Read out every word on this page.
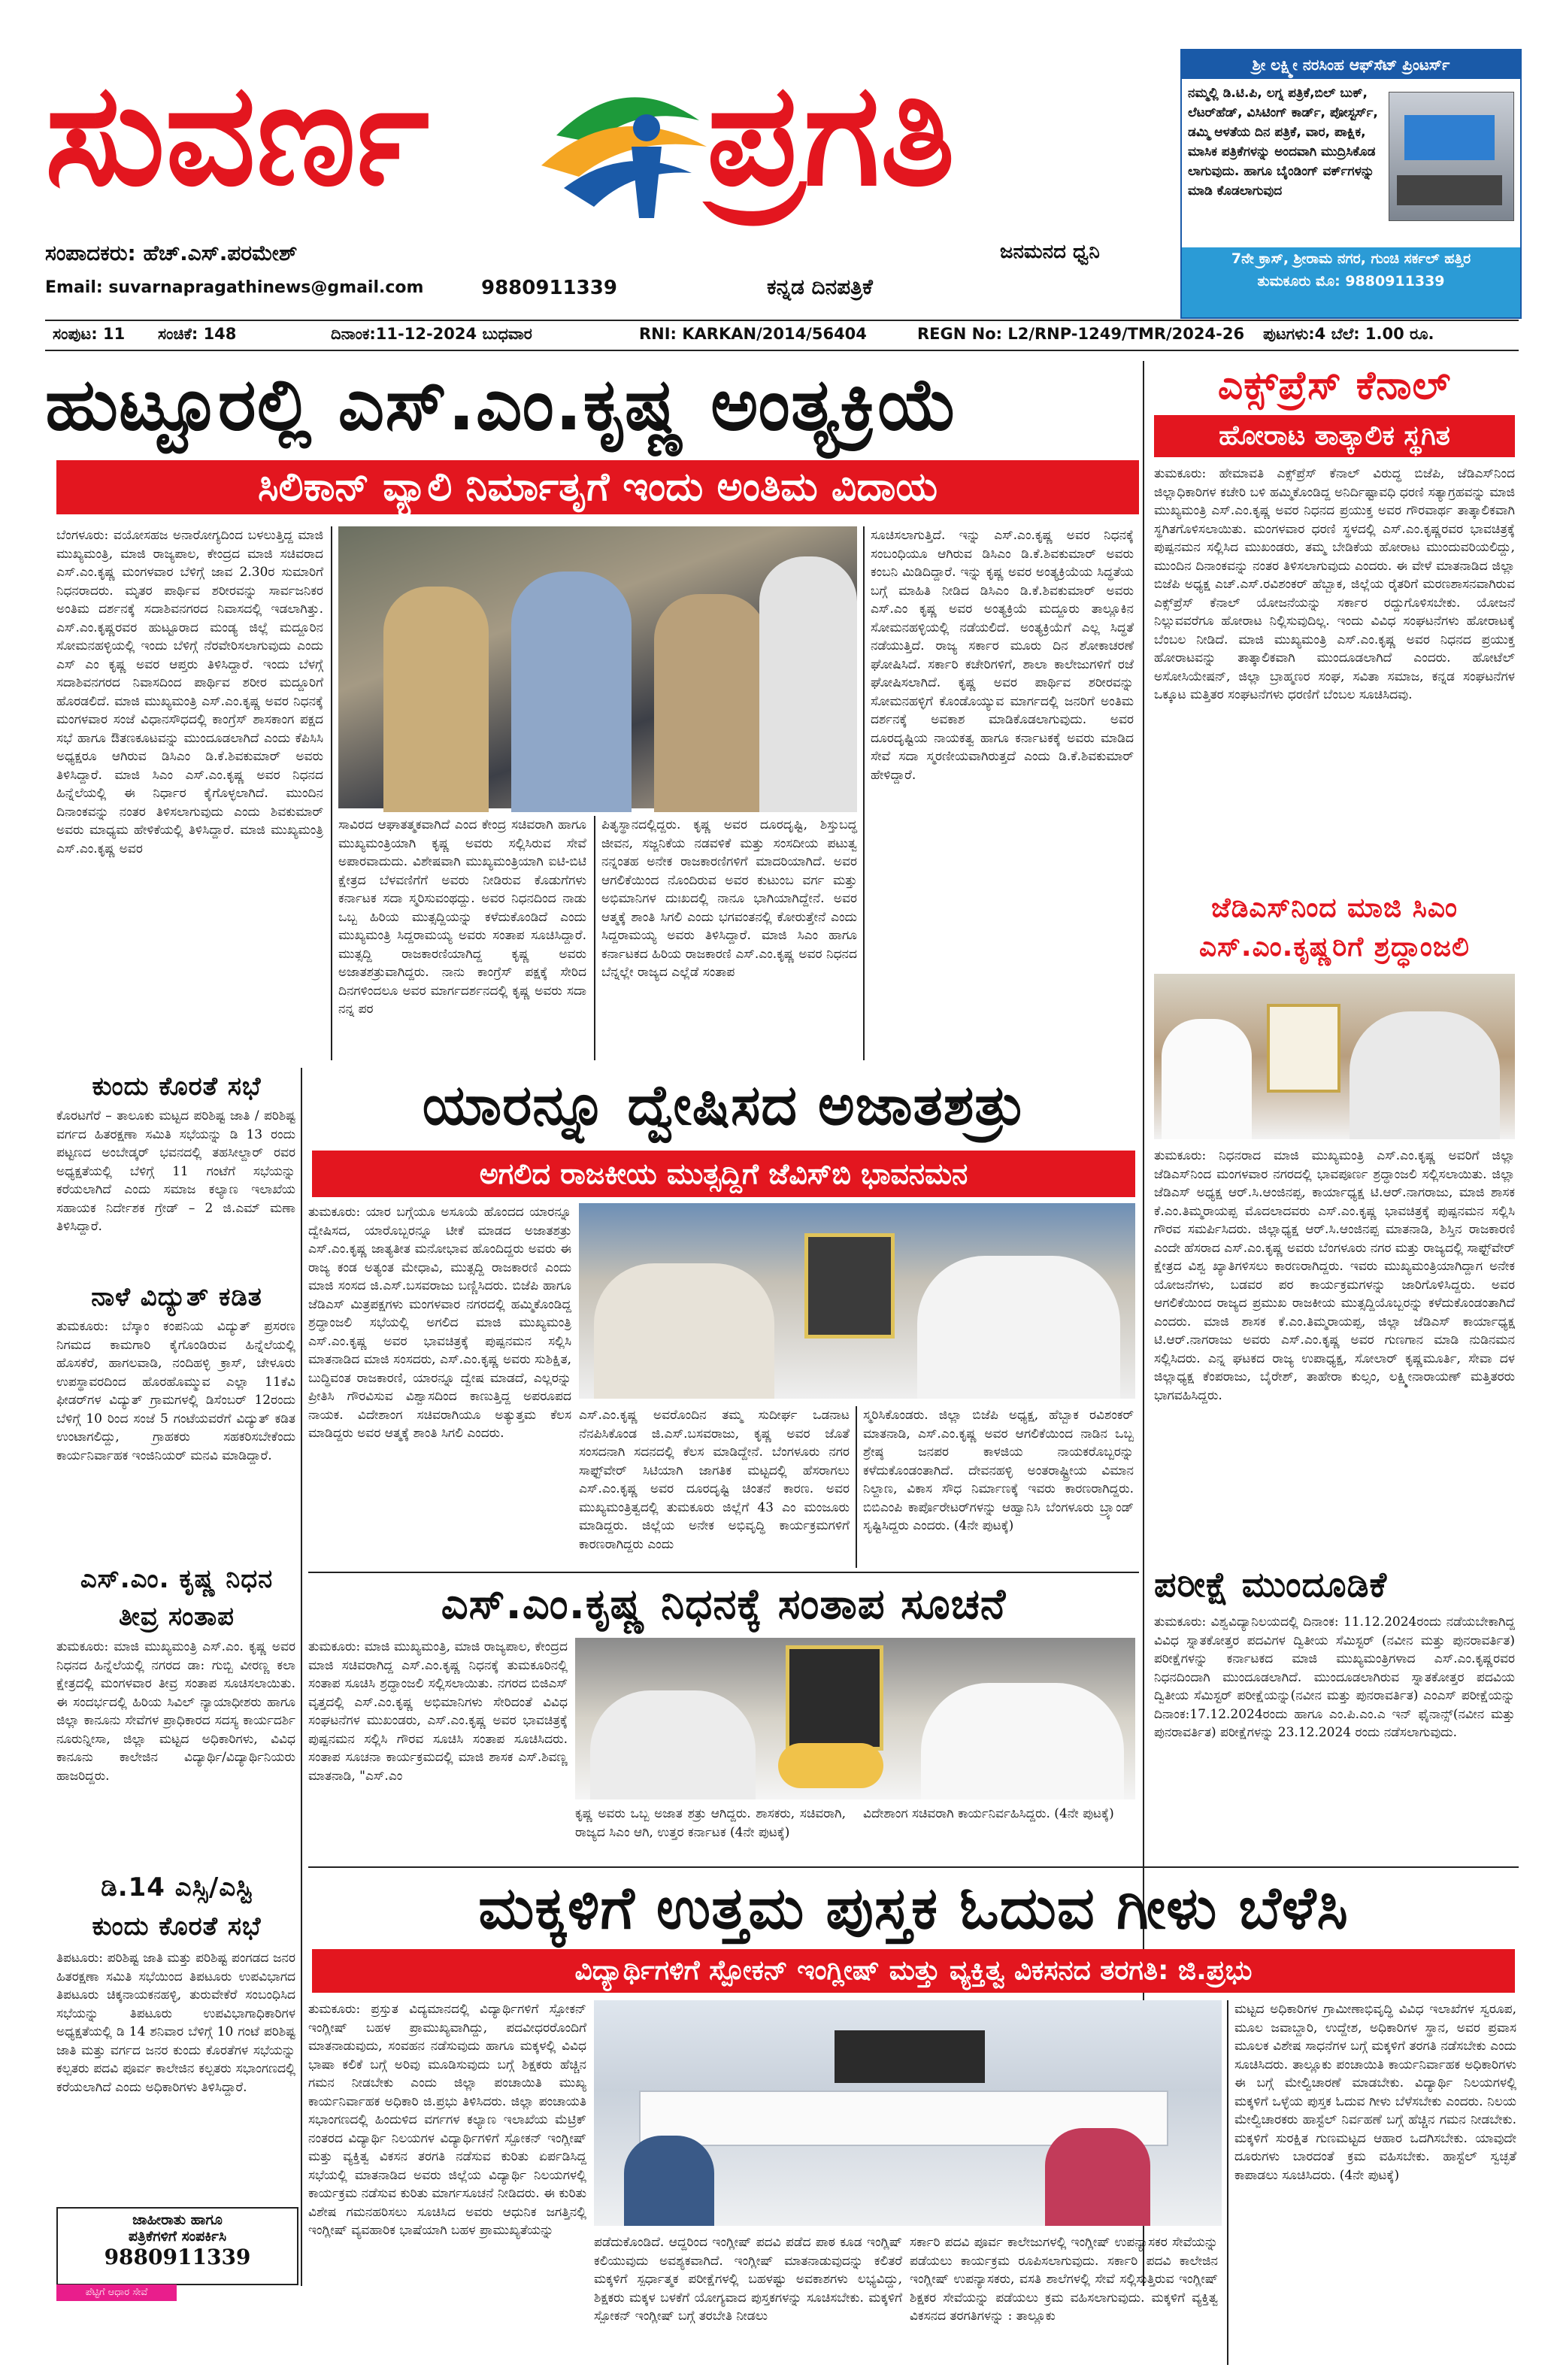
ಸುವರ್ಣ ಪ್ರಗತಿ
ಸಂಪಾದಕರು: ಹೆಚ್.ಎಸ್.ಪರಮೇಶ್
Email: suvarnapragathinews@gmail.com	9880911339	ಕನ್ನಡ ದಿನಪತ್ರಿಕೆ
ಜನಮನದ ಧ್ವನಿ
ಶ್ರೀ ಲಕ್ಷ್ಮೀ ನರಸಿಂಹ ಆಫ್‌ಸೆಟ್ ಪ್ರಿಂಟರ್ಸ್
ನಮ್ಮಲ್ಲಿ ಡಿ.ಟಿ.ಪಿ, ಲಗ್ನ ಪತ್ರಿಕೆ,ಬಿಲ್ ಬುಕ್, ಲೆಟರ್‌ಹೆಡ್, ವಿಸಿಟಿಂಗ್ ಕಾರ್ಡ್, ಪೋಸ್ಟರ್ಸ್, ಡಮ್ಮಿ ಆಳತೆಯ ದಿನ ಪತ್ರಿಕೆ, ವಾರ, ಪಾಕ್ಷಿಕ, ಮಾಸಿಕ ಪತ್ರಿಕೆಗಳನ್ನು ಅಂದವಾಗಿ ಮುದ್ರಿಸಿಕೊಡ ಲಾಗುವುದು. ಹಾಗೂ ಬೈಂಡಿಂಗ್ ವರ್ಕ್‌ಗಳನ್ನು ಮಾಡಿ ಕೊಡಲಾಗುವುದ
7ನೇ ಕ್ರಾಸ್, ಶ್ರೀರಾಮ ನಗರ, ಗುಂಚಿ ಸರ್ಕಲ್ ಹತ್ತಿರ ತುಮಕೂರು ಮೊ: 9880911339
ಸಂಪುಟ: 11 ಸಂಚಿಕೆ: 148	ದಿನಾಂಕ:11-12-2024 ಬುಧವಾರ	RNI: KARKAN/2014/56404	REGN No: L2/RNP-1249/TMR/2024-26 ಪುಟಗಳು:4 ಬೆಲೆ: 1.00 ರೂ.
ಹುಟ್ಟೂರಲ್ಲಿ ಎಸ್.ಎಂ.ಕೃಷ್ಣ ಅಂತ್ಯಕ್ರಿಯೆ
ಸಿಲಿಕಾನ್ ವ್ಯಾಲಿ ನಿರ್ಮಾತೃಗೆ ಇಂದು ಅಂತಿಮ ವಿದಾಯ
ಬೆಂಗಳೂರು: ವಯೋಸಹಜ ಅನಾರೋಗ್ಯದಿಂದ ಬಳಲುತ್ತಿದ್ದ ಮಾಜಿ ಮುಖ್ಯಮಂತ್ರಿ, ಮಾಜಿ ರಾಜ್ಯಪಾಲ, ಕೇಂದ್ರದ ಮಾಜಿ ಸಚಿವರಾದ ಎಸ್.ಎಂ.ಕೃಷ್ಣ ಮಂಗಳವಾರ ಬೆಳಿಗ್ಗೆ ಜಾವ 2.30ರ ಸುಮಾರಿಗೆ ನಿಧನರಾದರು. ಮೃತರ ಪಾರ್ಥಿವ ಶರೀರವನ್ನು ಸಾರ್ವಜನಿಕರ ಅಂತಿಮ ದರ್ಶನಕ್ಕೆ ಸದಾಶಿವನಗರದ ನಿವಾಸದಲ್ಲಿ ಇಡಲಾಗಿತ್ತು. ಎಸ್.ಎಂ.ಕೃಷ್ಣರವರ ಹುಟ್ಟೂರಾದ ಮಂಡ್ಯ ಜಿಲ್ಲೆ ಮದ್ದೂರಿನ ಸೋಮನಹಳ್ಳಿಯಲ್ಲಿ ಇಂದು ಬೆಳಿಗ್ಗೆ ನೆರವೇರಿಸಲಾಗುವುದು ಎಂದು ಎಸ್ ಎಂ ಕೃಷ್ಣ ಅವರ ಆಪ್ತರು ತಿಳಿಸಿದ್ದಾರೆ. ಇಂದು ಬೆಳಗ್ಗೆ ಸದಾಶಿವನಗರದ ನಿವಾಸದಿಂದ ಪಾರ್ಥಿವ ಶರೀರ ಮದ್ದೂರಿಗೆ ಹೊರಡಲಿದೆ. ಮಾಜಿ ಮುಖ್ಯಮಂತ್ರಿ ಎಸ್.ಎಂ.ಕೃಷ್ಣ ಅವರ ನಿಧನಕ್ಕೆ ಮಂಗಳವಾರ ಸಂಜೆ ವಿಧಾನಸೌಧದಲ್ಲಿ ಕಾಂಗ್ರೆಸ್ ಶಾಸಕಾಂಗ ಪಕ್ಷದ ಸಭೆ ಹಾಗೂ ಔತಣಕೂಟವನ್ನು ಮುಂದೂಡಲಾಗಿದೆ ಎಂದು ಕೆಪಿಸಿಸಿ ಅಧ್ಯಕ್ಷರೂ ಆಗಿರುವ ಡಿಸಿಎಂ ಡಿ.ಕೆ.ಶಿವಕುಮಾರ್ ಅವರು ತಿಳಿಸಿದ್ದಾರೆ. ಮಾಜಿ ಸಿಎಂ ಎಸ್.ಎಂ.ಕೃಷ್ಣ ಅವರ ನಿಧನದ ಹಿನ್ನೆಲೆಯಲ್ಲಿ ಈ ನಿರ್ಧಾರ ಕೈಗೊಳ್ಳಲಾಗಿದೆ. ಮುಂದಿನ ದಿನಾಂಕವನ್ನು ನಂತರ ತಿಳಿಸಲಾಗುವುದು ಎಂದು ಶಿವಕುಮಾರ್ ಅವರು ಮಾಧ್ಯಮ ಹೇಳಿಕೆಯಲ್ಲಿ ತಿಳಿಸಿದ್ದಾರೆ. ಮಾಜಿ ಮುಖ್ಯಮಂತ್ರಿ ಎಸ್.ಎಂ.ಕೃಷ್ಣ ಅವರ
ಸಾವಿರದ ಆಘಾತತ್ಮಕವಾಗಿದೆ ಎಂದ ಕೇಂದ್ರ ಸಚಿವರಾಗಿ ಹಾಗೂ ಮುಖ್ಯಮಂತ್ರಿಯಾಗಿ ಕೃಷ್ಣ ಅವರು ಸಲ್ಲಿಸಿರುವ ಸೇವೆ ಅಪಾರವಾದುದು. ವಿಶೇಷವಾಗಿ ಮುಖ್ಯಮಂತ್ರಿಯಾಗಿ ಐಟಿ-ಬಿಟಿ ಕ್ಷೇತ್ರದ ಬೆಳವಣಿಗೆಗೆ ಅವರು ನೀಡಿರುವ ಕೊಡುಗೆಗಳು ಕರ್ನಾಟಕ ಸದಾ ಸ್ಮರಿಸುವಂಥದ್ದು. ಅವರ ನಿಧನದಿಂದ ನಾಡು ಒಬ್ಬ ಹಿರಿಯ ಮುತ್ಸದ್ದಿಯನ್ನು ಕಳೆದುಕೊಂಡಿದೆ ಎಂದು ಮುಖ್ಯಮಂತ್ರಿ ಸಿದ್ದರಾಮಯ್ಯ ಅವರು ಸಂತಾಪ ಸೂಚಿಸಿದ್ದಾರೆ. ಮುತ್ಸದ್ದಿ ರಾಜಕಾರಣಿಯಾಗಿದ್ದ ಕೃಷ್ಣ ಅವರು ಅಜಾತಶತ್ರುವಾಗಿದ್ದರು. ನಾನು ಕಾಂಗ್ರೆಸ್ ಪಕ್ಷಕ್ಕೆ ಸೇರಿದ ದಿನಗಳಿಂದಲೂ ಅವರ ಮಾರ್ಗದರ್ಶನದಲ್ಲಿ ಕೃಷ್ಣ ಅವರು ಸದಾ ನನ್ನ ಪರ
ಪಿತೃಸ್ಥಾನದಲ್ಲಿದ್ದರು. ಕೃಷ್ಣ ಅವರ ದೂರದೃಷ್ಟಿ, ಶಿಸ್ತುಬದ್ಧ ಜೀವನ, ಸಜ್ಜನಿಕೆಯ ನಡವಳಿಕೆ ಮತ್ತು ಸಂಸದೀಯ ಪಟುತ್ವ ನನ್ನಂತಹ ಅನೇಕ ರಾಜಕಾರಣಿಗಳಿಗೆ ಮಾದರಿಯಾಗಿದೆ. ಅವರ ಆಗಲಿಕೆಯಿಂದ ನೊಂದಿರುವ ಅವರ ಕುಟುಂಬ ವರ್ಗ ಮತ್ತು ಅಭಿಮಾನಿಗಳ ದುಃಖದಲ್ಲಿ ನಾನೂ ಭಾಗಿಯಾಗಿದ್ದೇನೆ. ಅವರ ಆತ್ಮಕ್ಕೆ ಶಾಂತಿ ಸಿಗಲಿ ಎಂದು ಭಗವಂತನಲ್ಲಿ ಕೋರುತ್ತೇನೆ ಎಂದು ಸಿದ್ದರಾಮಯ್ಯ ಅವರು ತಿಳಿಸಿದ್ದಾರೆ. ಮಾಜಿ ಸಿಎಂ ಹಾಗೂ ಕರ್ನಾಟಕದ ಹಿರಿಯ ರಾಜಕಾರಣಿ ಎಸ್.ಎಂ.ಕೃಷ್ಣ ಅವರ ನಿಧನದ ಬೆನ್ನಲ್ಲೇ ರಾಜ್ಯದ ಎಲ್ಲೆಡೆ ಸಂತಾಪ
ಸೂಚಿಸಲಾಗುತ್ತಿದೆ. ಇನ್ನು ಎಸ್.ಎಂ.ಕೃಷ್ಣ ಅವರ ನಿಧನಕ್ಕೆ ಸಂಬಂಧಿಯೂ ಆಗಿರುವ ಡಿಸಿಎಂ ಡಿ.ಕೆ.ಶಿವಕುಮಾರ್ ಅವರು ಕಂಬನಿ ಮಿಡಿದಿದ್ದಾರೆ. ಇನ್ನು ಕೃಷ್ಣ ಅವರ ಅಂತ್ಯಕ್ರಿಯೆಯ ಸಿದ್ಧತೆಯ ಬಗ್ಗೆ ಮಾಹಿತಿ ನೀಡಿದ ಡಿಸಿಎಂ ಡಿ.ಕೆ.ಶಿವಕುಮಾರ್ ಅವರು ಎಸ್.ಎಂ ಕೃಷ್ಣ ಅವರ ಅಂತ್ಯಕ್ರಿಯೆ ಮದ್ದೂರು ತಾಲ್ಲೂಕಿನ ಸೋಮನಹಳ್ಳಿಯಲ್ಲಿ ನಡೆಯಲಿದೆ. ಅಂತ್ಯಕ್ರಿಯೆಗೆ ಎಲ್ಲ ಸಿದ್ಧತೆ ನಡೆಯುತ್ತಿದೆ. ರಾಜ್ಯ ಸರ್ಕಾರ ಮೂರು ದಿನ ಶೋಕಾಚರಣೆ ಘೋಷಿಸಿದೆ. ಸರ್ಕಾರಿ ಕಚೇರಿಗಳಿಗೆ, ಶಾಲಾ ಕಾಲೇಜುಗಳಿಗೆ ರಜೆ ಘೋಷಿಸಲಾಗಿದೆ. ಕೃಷ್ಣ ಅವರ ಪಾರ್ಥಿವ ಶರೀರವನ್ನು ಸೋಮನಹಳ್ಳಿಗೆ ಕೊಂಡೊಯ್ಯುವ ಮಾರ್ಗದಲ್ಲಿ ಜನರಿಗೆ ಅಂತಿಮ ದರ್ಶನಕ್ಕೆ ಅವಕಾಶ ಮಾಡಿಕೊಡಲಾಗುವುದು. ಅವರ ದೂರದೃಷ್ಟಿಯ ನಾಯಕತ್ವ ಹಾಗೂ ಕರ್ನಾಟಕಕ್ಕೆ ಅವರು ಮಾಡಿದ ಸೇವೆ ಸದಾ ಸ್ಮರಣೀಯವಾಗಿರುತ್ತದೆ ಎಂದು ಡಿ.ಕೆ.ಶಿವಕುಮಾರ್ ಹೇಳಿದ್ದಾರೆ.
ಎಕ್ಸ್‌ಪ್ರೆಸ್ ಕೆನಾಲ್
ಹೋರಾಟ ತಾತ್ಕಾಲಿಕ ಸ್ಥಗಿತ
ತುಮಕೂರು: ಹೇಮಾವತಿ ಎಕ್ಸ್‌ಪ್ರೆಸ್ ಕೆನಾಲ್ ವಿರುದ್ಧ ಬಿಜೆಪಿ, ಜೆಡಿಎಸ್‌ನಿಂದ ಜಿಲ್ಲಾಧಿಕಾರಿಗಳ ಕಚೇರಿ ಬಳಿ ಹಮ್ಮಿಕೊಂಡಿದ್ದ ಅನಿರ್ದಿಷ್ಟಾವಧಿ ಧರಣಿ ಸತ್ಯಾಗ್ರಹವನ್ನು ಮಾಜಿ ಮುಖ್ಯಮಂತ್ರಿ ಎಸ್.ಎಂ.ಕೃಷ್ಣ ಅವರ ನಿಧನದ ಪ್ರಯುಕ್ತ ಅವರ ಗೌರವಾರ್ಥ ತಾತ್ಕಾಲಿಕವಾಗಿ ಸ್ಥಗಿತಗೊಳಿಸಲಾಯಿತು. ಮಂಗಳವಾರ ಧರಣಿ ಸ್ಥಳದಲ್ಲಿ ಎಸ್.ಎಂ.ಕೃಷ್ಣರವರ ಭಾವಚಿತ್ರಕ್ಕೆ ಪುಷ್ಪನಮನ ಸಲ್ಲಿಸಿದ ಮುಖಂಡರು, ತಮ್ಮ ಬೇಡಿಕೆಯ ಹೋರಾಟ ಮುಂದುವರಿಯಲಿದ್ದು, ಮುಂದಿನ ದಿನಾಂಕವನ್ನು ನಂತರ ತಿಳಿಸಲಾಗುವುದು ಎಂದರು. ಈ ವೇಳೆ ಮಾತನಾಡಿದ ಜಿಲ್ಲಾ ಬಿಜೆಪಿ ಅಧ್ಯಕ್ಷ ಎಚ್.ಎಸ್.ರವಿಶಂಕರ್ ಹೆಬ್ಬಾಕ, ಜಿಲ್ಲೆಯ ರೈತರಿಗೆ ಮರಣಶಾಸನವಾಗಿರುವ ಎಕ್ಸ್‌ಪ್ರೆಸ್ ಕೆನಾಲ್ ಯೋಜನೆಯನ್ನು ಸರ್ಕಾರ ರದ್ದುಗೊಳಿಸಬೇಕು. ಯೋಜನೆ ನಿಲ್ಲುವವರೆಗೂ ಹೋರಾಟ ನಿಲ್ಲಿಸುವುದಿಲ್ಲ. ಇಂದು ವಿವಿಧ ಸಂಘಟನೆಗಳು ಹೋರಾಟಕ್ಕೆ ಬೆಂಬಲ ನೀಡಿದೆ. ಮಾಜಿ ಮುಖ್ಯಮಂತ್ರಿ ಎಸ್.ಎಂ.ಕೃಷ್ಣ ಅವರ ನಿಧನದ ಪ್ರಯುಕ್ತ ಹೋರಾಟವನ್ನು ತಾತ್ಕಾಲಿಕವಾಗಿ ಮುಂದೂಡಲಾಗಿದೆ ಎಂದರು. ಹೋಟೆಲ್ ಅಸೋಸಿಯೇಷನ್, ಜಿಲ್ಲಾ ಬ್ರಾಹ್ಮಣರ ಸಂಘ, ಸವಿತಾ ಸಮಾಜ, ಕನ್ನಡ ಸಂಘಟನೆಗಳ ಒಕ್ಕೂಟ ಮತ್ತಿತರ ಸಂಘಟನೆಗಳು ಧರಣಿಗೆ ಬೆಂಬಲ ಸೂಚಿಸಿದವು.
ಜೆಡಿಎಸ್‌ನಿಂದ ಮಾಜಿ ಸಿಎಂ
ಎಸ್.ಎಂ.ಕೃಷ್ಣರಿಗೆ ಶ್ರದ್ಧಾಂಜಲಿ
ತುಮಕೂರು: ನಿಧನರಾದ ಮಾಜಿ ಮುಖ್ಯಮಂತ್ರಿ ಎಸ್.ಎಂ.ಕೃಷ್ಣ ಅವರಿಗೆ ಜಿಲ್ಲಾ ಜೆಡಿಎಸ್‌ನಿಂದ ಮಂಗಳವಾರ ನಗರದಲ್ಲಿ ಭಾವಪೂರ್ಣ ಶ್ರದ್ಧಾಂಜಲಿ ಸಲ್ಲಿಸಲಾಯಿತು. ಜಿಲ್ಲಾ ಜೆಡಿಎಸ್ ಅಧ್ಯಕ್ಷ ಆರ್.ಸಿ.ಆಂಜಿನಪ್ಪ, ಕಾರ್ಯಾಧ್ಯಕ್ಷ ಟಿ.ಆರ್.ನಾಗರಾಜು, ಮಾಜಿ ಶಾಸಕ ಕೆ.ಎಂ.ತಿಮ್ಮರಾಯಪ್ಪ ಮೊದಲಾದವರು ಎಸ್.ಎಂ.ಕೃಷ್ಣ ಭಾವಚಿತ್ರಕ್ಕೆ ಪುಷ್ಪನಮನ ಸಲ್ಲಿಸಿ ಗೌರವ ಸಮರ್ಪಿಸಿದರು. ಜಿಲ್ಲಾಧ್ಯಕ್ಷ ಆರ್.ಸಿ.ಆಂಜಿನಪ್ಪ ಮಾತನಾಡಿ, ಶಿಸ್ತಿನ ರಾಜಕಾರಣಿ ಎಂದೇ ಹೆಸರಾದ ಎಸ್.ಎಂ.ಕೃಷ್ಣ ಅವರು ಬೆಂಗಳೂರು ನಗರ ಮತ್ತು ರಾಜ್ಯದಲ್ಲಿ ಸಾಫ್ಟ್‌ವೇರ್ ಕ್ಷೇತ್ರದ ವಿಶ್ವ ಖ್ಯಾತಿಗಳಿಸಲು ಕಾರಣರಾಗಿದ್ದರು. ಇವರು ಮುಖ್ಯಮಂತ್ರಿಯಾಗಿದ್ದಾಗ ಅನೇಕ ಯೋಜನೆಗಳು, ಬಡವರ ಪರ ಕಾರ್ಯಕ್ರಮಗಳನ್ನು ಜಾರಿಗೊಳಿಸಿದ್ದರು. ಅವರ ಆಗಲಿಕೆಯಿಂದ ರಾಜ್ಯದ ಪ್ರಮುಖ ರಾಜಕೀಯ ಮುತ್ಸದ್ದಿಯೊಬ್ಬರನ್ನು ಕಳೆದುಕೊಂಡಂತಾಗಿದೆ ಎಂದರು. ಮಾಜಿ ಶಾಸಕ ಕೆ.ಎಂ.ತಿಮ್ಮರಾಯಪ್ಪ, ಜಿಲ್ಲಾ ಜೆಡಿಎಸ್ ಕಾರ್ಯಾಧ್ಯಕ್ಷ ಟಿ.ಆರ್.ನಾಗರಾಜು ಅವರು ಎಸ್.ಎಂ.ಕೃಷ್ಣ ಅವರ ಗುಣಗಾನ ಮಾಡಿ ನುಡಿನಮನ ಸಲ್ಲಿಸಿದರು. ಎನ್ನ ಘಟಕದ ರಾಜ್ಯ ಉಪಾಧ್ಯಕ್ಷ, ಸೋಲಾರ್ ಕೃಷ್ಣಮೂರ್ತಿ, ಸೇವಾ ದಳ ಜಿಲ್ಲಾಧ್ಯಕ್ಷ ಕೆಂಪರಾಜು, ಬೈರೇಶ್, ತಾಹೇರಾ ಕುಲ್ಸಂ, ಲಕ್ಷ್ಮೀನಾರಾಯಣ್ ಮತ್ತಿತರರು ಭಾಗವಹಿಸಿದ್ದರು.
ಪರೀಕ್ಷೆ ಮುಂದೂಡಿಕೆ
ತುಮಕೂರು: ವಿಶ್ವವಿದ್ಯಾನಿಲಯದಲ್ಲಿ ದಿನಾಂಕ: 11.12.2024ರಂದು ನಡೆಯಬೇಕಾಗಿದ್ದ ವಿವಿಧ ಸ್ನಾತಕೋತ್ತರ ಪದವಿಗಳ ದ್ವಿತೀಯ ಸೆಮಿಸ್ಟರ್ (ನವೀನ ಮತ್ತು ಪುನರಾವರ್ತಿತ) ಪರೀಕ್ಷೆಗಳನ್ನು ಕರ್ನಾಟಕದ ಮಾಜಿ ಮುಖ್ಯಮಂತ್ರಿಗಳಾದ ಎಸ್.ಎಂ.ಕೃಷ್ಣರವರ ನಿಧನದಿಂದಾಗಿ ಮುಂದೂಡಲಾಗಿದೆ. ಮುಂದೂಡಲಾಗಿರುವ ಸ್ನಾತಕೋತ್ತರ ಪದವಿಯ ದ್ವಿತೀಯ ಸೆಮಿಸ್ಟರ್ ಪರೀಕ್ಷೆಯನ್ನು(ನವೀನ ಮತ್ತು ಪುನರಾವರ್ತಿತ) ಎಂಎಸ್ ಪರೀಕ್ಷೆಯನ್ನು ದಿನಾಂಕ:17.12.2024ರಂದು ಹಾಗೂ ಎಂ.ಪಿ.ಎಂ.ಎ ಇನ್ ಫೈನಾನ್ಸ್(ನವೀನ ಮತ್ತು ಪುನರಾವರ್ತಿತ) ಪರೀಕ್ಷೆಗಳನ್ನು 23.12.2024 ರಂದು ನಡೆಸಲಾಗುವುದು.
ಕುಂದು ಕೊರತೆ ಸಭೆ
ಕೊರಟಗೆರೆ – ತಾಲೂಕು ಮಟ್ಟದ ಪರಿಶಿಷ್ಟ ಜಾತಿ / ಪರಿಶಿಷ್ಟ ವರ್ಗದ ಹಿತರಕ್ಷಣಾ ಸಮಿತಿ ಸಭೆಯನ್ನು ಡಿ 13 ರಂದು ಪಟ್ಟಣದ ಅಂಬೇಡ್ಕರ್ ಭವನದಲ್ಲಿ ತಹಸೀಲ್ದಾರ್ ರವರ ಅಧ್ಯಕ್ಷತೆಯಲ್ಲಿ ಬೆಳಿಗ್ಗೆ 11 ಗಂಟೆಗೆ ಸಭೆಯನ್ನು ಕರೆಯಲಾಗಿದೆ ಎಂದು ಸಮಾಜ ಕಲ್ಯಾಣ ಇಲಾಖೆಯ ಸಹಾಯಕ ನಿರ್ದೇಶಕ ಗ್ರೇಡ್ – 2 ಜಿ.ಎಮ್ ಮಣಾ ತಿಳಿಸಿದ್ದಾರೆ.
ನಾಳೆ ವಿದ್ಯುತ್ ಕಡಿತ
ತುಮಕೂರು: ಬೆಸ್ಕಾಂ ಕಂಪನಿಯ ವಿದ್ಯುತ್ ಪ್ರಸರಣ ನಿಗಮದ ಕಾಮಗಾರಿ ಕೈಗೊಂಡಿರುವ ಹಿನ್ನೆಲೆಯಲ್ಲಿ ಹೊಸಕೆರೆ, ಹಾಗಲವಾಡಿ, ನಂದಿಹಳ್ಳಿ ಕ್ರಾಸ್, ಚೇಳೂರು ಉಪಸ್ಥಾವರದಿಂದ ಹೊರಹೊಮ್ಮುವ ಎಲ್ಲಾ 11ಕೆವಿ ಫೀಡರ್‌ಗಳ ವಿದ್ಯುತ್ ಗ್ರಾಮಗಳಲ್ಲಿ ಡಿಸೆಂಬರ್ 12ರಂದು ಬೆಳಿಗ್ಗೆ 10 ರಿಂದ ಸಂಜೆ 5 ಗಂಟೆಯವರೆಗೆ ವಿದ್ಯುತ್ ಕಡಿತ ಉಂಟಾಗಲಿದ್ದು, ಗ್ರಾಹಕರು ಸಹಕರಿಸಬೇಕೆಂದು ಕಾರ್ಯನಿರ್ವಾಹಕ ಇಂಜಿನಿಯರ್ ಮನವಿ ಮಾಡಿದ್ದಾರೆ.
ಎಸ್.ಎಂ. ಕೃಷ್ಣ ನಿಧನ
ತೀವ್ರ ಸಂತಾಪ
ತುಮಕೂರು: ಮಾಜಿ ಮುಖ್ಯಮಂತ್ರಿ ಎಸ್.ಎಂ. ಕೃಷ್ಣ ಅವರ ನಿಧನದ ಹಿನ್ನೆಲೆಯಲ್ಲಿ ನಗರದ ಡಾ: ಗುಬ್ಬಿ ವೀರಣ್ಣ ಕಲಾ ಕ್ಷೇತ್ರದಲ್ಲಿ ಮಂಗಳವಾರ ತೀವ್ರ ಸಂತಾಪ ಸೂಚಿಸಲಾಯಿತು. ಈ ಸಂದರ್ಭದಲ್ಲಿ ಹಿರಿಯ ಸಿವಿಲ್ ನ್ಯಾಯಾಧೀಶರು ಹಾಗೂ ಜಿಲ್ಲಾ ಕಾನೂನು ಸೇವೆಗಳ ಪ್ರಾಧಿಕಾರದ ಸದಸ್ಯ ಕಾರ್ಯದರ್ಶಿ ನೂರುನ್ನೀಸಾ, ಜಿಲ್ಲಾ ಮಟ್ಟದ ಅಧಿಕಾರಿಗಳು, ವಿವಿಧ ಕಾನೂನು ಕಾಲೇಜಿನ ವಿದ್ಯಾರ್ಥಿ/ವಿದ್ಯಾರ್ಥಿನಿಯರು ಹಾಜರಿದ್ದರು.
ಡಿ.14 ಎಸ್ಸಿ/ಎಸ್ಟಿ
ಕುಂದು ಕೊರತೆ ಸಭೆ
ತಿಪಟೂರು: ಪರಿಶಿಷ್ಟ ಜಾತಿ ಮತ್ತು ಪರಿಶಿಷ್ಟ ಪಂಗಡದ ಜನರ ಹಿತರಕ್ಷಣಾ ಸಮಿತಿ ಸಭೆಯಿಂದ ತಿಪಟೂರು ಉಪವಿಭಾಗದ ತಿಪಟೂರು ಚಿಕ್ಕನಾಯಕನಹಳ್ಳಿ, ತುರುವೇಕೆರೆ ಸಂಬಂಧಿಸಿದ ಸಭೆಯನ್ನು ತಿಪಟೂರು ಉಪವಿಭಾಗಾಧಿಕಾರಿಗಳ ಅಧ್ಯಕ್ಷತೆಯಲ್ಲಿ ಡಿ 14 ಶನಿವಾರ ಬೆಳಿಗ್ಗೆ 10 ಗಂಟೆ ಪರಿಶಿಷ್ಟ ಜಾತಿ ಮತ್ತು ವರ್ಗದ ಜನರ ಕುಂದು ಕೊರತೆಗಳ ಸಭೆಯನ್ನು ಕಲ್ಪತರು ಪದವಿ ಪೂರ್ವ ಕಾಲೇಜಿನ ಕಲ್ಪತರು ಸಭಾಂಗಣದಲ್ಲಿ ಕರೆಯಲಾಗಿದೆ ಎಂದು ಅಧಿಕಾರಿಗಳು ತಿಳಿಸಿದ್ದಾರೆ.
ಜಾಹೀರಾತು ಹಾಗೂ
ಪತ್ರಿಕೆಗಳಿಗೆ ಸಂಪರ್ಕಿಸಿ
9880911339
ಪೆಟ್ಟಿಗೆ ಆಧಾರ ಸೇವೆ
ಯಾರನ್ನೂ ದ್ವೇಷಿಸದ ಅಜಾತಶತ್ರು
ಅಗಲಿದ ರಾಜಕೀಯ ಮುತ್ಸದ್ದಿಗೆ ಜೆವಿಸ್‌ಬಿ ಭಾವನಮನ
ತುಮಕೂರು: ಯಾರ ಬಗ್ಗೆಯೂ ಅಸೂಯೆ ಹೊಂದದ ಯಾರನ್ನೂ ದ್ವೇಷಿಸದ, ಯಾರೊಬ್ಬರನ್ನೂ ಟೀಕೆ ಮಾಡದ ಅಜಾತಶತ್ರು ಎಸ್.ಎಂ.ಕೃಷ್ಣ ಜಾತ್ಯತೀತ ಮನೋಭಾವ ಹೊಂದಿದ್ದರು ಅವರು ಈ ರಾಜ್ಯ ಕಂಡ ಅತ್ಯಂತ ಮೇಧಾವಿ, ಮುತ್ಸದ್ದಿ ರಾಜಕಾರಣಿ ಎಂದು ಮಾಜಿ ಸಂಸದ ಜಿ.ಎಸ್.ಬಸವರಾಜು ಬಣ್ಣಿಸಿದರು. ಬಿಜೆಪಿ ಹಾಗೂ ಜೆಡಿಎಸ್ ಮಿತ್ರಪಕ್ಷಗಳು ಮಂಗಳವಾರ ನಗರದಲ್ಲಿ ಹಮ್ಮಿಕೊಂಡಿದ್ದ ಶ್ರದ್ಧಾಂಜಲಿ ಸಭೆಯಲ್ಲಿ ಅಗಲಿದ ಮಾಜಿ ಮುಖ್ಯಮಂತ್ರಿ ಎಸ್.ಎಂ.ಕೃಷ್ಣ ಅವರ ಭಾವಚಿತ್ರಕ್ಕೆ ಪುಷ್ಪನಮನ ಸಲ್ಲಿಸಿ ಮಾತನಾಡಿದ ಮಾಜಿ ಸಂಸದರು, ಎಸ್.ಎಂ.ಕೃಷ್ಣ ಅವರು ಸುಶಿಕ್ಷಿತ, ಬುದ್ಧಿವಂತ ರಾಜಕಾರಣಿ, ಯಾರನ್ನೂ ದ್ವೇಷ ಮಾಡದೆ, ಎಲ್ಲರನ್ನು ಪ್ರೀತಿಸಿ ಗೌರವಿಸುವ ವಿಶ್ವಾಸದಿಂದ ಕಾಣುತ್ತಿದ್ದ ಅಪರೂಪದ ನಾಯಕ. ವಿದೇಶಾಂಗ ಸಚಿವರಾಗಿಯೂ ಅತ್ಯುತ್ತಮ ಕೆಲಸ ಮಾಡಿದ್ದರು ಅವರ ಆತ್ಮಕ್ಕೆ ಶಾಂತಿ ಸಿಗಲಿ ಎಂದರು.
ಎಸ್.ಎಂ.ಕೃಷ್ಣ ಅವರೊಂದಿನ ತಮ್ಮ ಸುದೀರ್ಘ ಒಡನಾಟ ನೆನಪಿಸಿಕೊಂಡ ಜಿ.ಎಸ್.ಬಸವರಾಜು, ಕೃಷ್ಣ ಅವರ ಜೊತೆ ಸಂಸದನಾಗಿ ಸದನದಲ್ಲಿ ಕೆಲಸ ಮಾಡಿದ್ದೇನೆ. ಬೆಂಗಳೂರು ನಗರ ಸಾಫ್ಟ್‌ವೇರ್ ಸಿಟಿಯಾಗಿ ಜಾಗತಿಕ ಮಟ್ಟದಲ್ಲಿ ಹೆಸರಾಗಲು ಎಸ್.ಎಂ.ಕೃಷ್ಣ ಅವರ ದೂರದೃಷ್ಟಿ ಚಿಂತನೆ ಕಾರಣ. ಅವರ ಮುಖ್ಯಮಂತ್ರಿತ್ವದಲ್ಲಿ ತುಮಕೂರು ಜಿಲ್ಲೆಗೆ 43 ಎಂ ಮಂಜೂರು ಮಾಡಿದ್ದರು. ಜಿಲ್ಲೆಯ ಅನೇಕ ಅಭಿವೃದ್ಧಿ ಕಾರ್ಯಕ್ರಮಗಳಿಗೆ ಕಾರಣರಾಗಿದ್ದರು ಎಂದು
ಸ್ಮರಿಸಿಕೊಂಡರು. ಜಿಲ್ಲಾ ಬಿಜೆಪಿ ಅಧ್ಯಕ್ಷ, ಹೆಬ್ಬಾಕ ರವಿಶಂಕರ್ ಮಾತನಾಡಿ, ಎಸ್.ಎಂ.ಕೃಷ್ಣ ಅವರ ಆಗಲಿಕೆಯಿಂದ ನಾಡಿನ ಒಬ್ಬ ಶ್ರೇಷ್ಠ ಜನಪರ ಕಾಳಜಿಯ ನಾಯಕರೊಬ್ಬರನ್ನು ಕಳೆದುಕೊಂಡಂತಾಗಿದೆ. ದೇವನಹಳ್ಳಿ ಅಂತರಾಷ್ಟ್ರೀಯ ವಿಮಾನ ನಿಲ್ದಾಣ, ವಿಕಾಸ ಸೌಧ ನಿರ್ಮಾಣಕ್ಕೆ ಇವರು ಕಾರಣರಾಗಿದ್ದರು. ಬಿಬಿಎಂಪಿ ಕಾರ್ಪೊರೇಟರ್‌ಗಳನ್ನು ಆಹ್ವಾನಿಸಿ ಬೆಂಗಳೂರು ಬ್ರ್ಯಾಂಡ್ ಸೃಷ್ಟಿಸಿದ್ದರು ಎಂದರು. (4ನೇ ಪುಟಕ್ಕೆ)
ಎಸ್.ಎಂ.ಕೃಷ್ಣ ನಿಧನಕ್ಕೆ ಸಂತಾಪ ಸೂಚನೆ
ತುಮಕೂರು: ಮಾಜಿ ಮುಖ್ಯಮಂತ್ರಿ, ಮಾಜಿ ರಾಜ್ಯಪಾಲ, ಕೇಂದ್ರದ ಮಾಜಿ ಸಚಿವರಾಗಿದ್ದ ಎಸ್.ಎಂ.ಕೃಷ್ಣ ನಿಧನಕ್ಕೆ ತುಮಕೂರಿನಲ್ಲಿ ಸಂತಾಪ ಸೂಚಿಸಿ ಶ್ರದ್ಧಾಂಜಲಿ ಸಲ್ಲಿಸಲಾಯಿತು. ನಗರದ ಬಿಜಿಎಸ್ ವೃತ್ತದಲ್ಲಿ ಎಸ್.ಎಂ.ಕೃಷ್ಣ ಅಭಿಮಾನಿಗಳು ಸೇರಿದಂತೆ ವಿವಿಧ ಸಂಘಟನೆಗಳ ಮುಖಂಡರು, ಎಸ್.ಎಂ.ಕೃಷ್ಣ ಅವರ ಭಾವಚಿತ್ರಕ್ಕೆ ಪುಷ್ಪನಮನ ಸಲ್ಲಿಸಿ ಗೌರವ ಸೂಚಿಸಿ ಸಂತಾಪ ಸೂಚಿಸಿದರು. ಸಂತಾಪ ಸೂಚನಾ ಕಾರ್ಯಕ್ರಮದಲ್ಲಿ ಮಾಜಿ ಶಾಸಕ ಎಸ್.ಶಿವಣ್ಣ ಮಾತನಾಡಿ, "ಎಸ್.ಎಂ
ಕೃಷ್ಣ ಅವರು ಒಬ್ಬ ಅಜಾತ ಶತ್ರು ಆಗಿದ್ದರು. ಶಾಸಕರು, ಸಚಿವರಾಗಿ, ರಾಜ್ಯದ ಸಿಎಂ ಆಗಿ, ಉತ್ತರ ಕರ್ನಾಟಕ (4ನೇ ಪುಟಕ್ಕೆ)
ವಿದೇಶಾಂಗ ಸಚಿವರಾಗಿ ಕಾರ್ಯನಿರ್ವಹಿಸಿದ್ದರು. (4ನೇ ಪುಟಕ್ಕೆ)
ಮಕ್ಕಳಿಗೆ ಉತ್ತಮ ಪುಸ್ತಕ ಓದುವ ಗೀಳು ಬೆಳೆಸಿ
ವಿದ್ಯಾರ್ಥಿಗಳಿಗೆ ಸ್ಪೋಕನ್ ಇಂಗ್ಲೀಷ್ ಮತ್ತು ವ್ಯಕ್ತಿತ್ವ ವಿಕಸನದ ತರಗತಿ: ಜಿ.ಪ್ರಭು
ತುಮಕೂರು: ಪ್ರಸ್ತುತ ವಿದ್ಯಮಾನದಲ್ಲಿ ವಿದ್ಯಾರ್ಥಿಗಳಿಗೆ ಸ್ಪೋಕನ್ ಇಂಗ್ಲೀಷ್ ಬಹಳ ಪ್ರಾಮುಖ್ಯವಾಗಿದ್ದು, ಪದವೀಧರರೊಂದಿಗೆ ಮಾತನಾಡುವುದು, ಸಂವಹನ ನಡೆಸುವುದು ಹಾಗೂ ಮಕ್ಕಳಲ್ಲಿ ವಿವಿಧ ಭಾಷಾ ಕಲಿಕೆ ಬಗ್ಗೆ ಅರಿವು ಮೂಡಿಸುವುದು ಬಗ್ಗೆ ಶಿಕ್ಷಕರು ಹೆಚ್ಚಿನ ಗಮನ ನೀಡಬೇಕು ಎಂದು ಜಿಲ್ಲಾ ಪಂಚಾಯಿತಿ ಮುಖ್ಯ ಕಾರ್ಯನಿರ್ವಾಹಕ ಅಧಿಕಾರಿ ಜಿ.ಪ್ರಭು ತಿಳಿಸಿದರು. ಜಿಲ್ಲಾ ಪಂಚಾಯತಿ ಸಭಾಂಗಣದಲ್ಲಿ ಹಿಂದುಳಿದ ವರ್ಗಗಳ ಕಲ್ಯಾಣ ಇಲಾಖೆಯ ಮೆಟ್ರಿಕ್ ನಂತರದ ವಿದ್ಯಾರ್ಥಿ ನಿಲಯಗಳ ವಿದ್ಯಾರ್ಥಿಗಳಿಗೆ ಸ್ಪೋಕನ್ ಇಂಗ್ಲೀಷ್ ಮತ್ತು ವ್ಯಕ್ತಿತ್ವ ವಿಕಸನ ತರಗತಿ ನಡೆಸುವ ಕುರಿತು ಏರ್ಪಡಿಸಿದ್ದ ಸಭೆಯಲ್ಲಿ ಮಾತನಾಡಿದ ಅವರು ಜಿಲ್ಲೆಯ ವಿದ್ಯಾರ್ಥಿ ನಿಲಯಗಳಲ್ಲಿ ಕಾರ್ಯಕ್ರಮ ನಡೆಸುವ ಕುರಿತು ಮಾರ್ಗಸೂಚನೆ ನೀಡಿದರು. ಈ ಕುರಿತು ವಿಶೇಷ ಗಮನಹರಿಸಲು ಸೂಚಿಸಿದ ಅವರು ಆಧುನಿಕ ಜಗತ್ತಿನಲ್ಲಿ ಇಂಗ್ಲೀಷ್ ವ್ಯವಹಾರಿಕ ಭಾಷೆಯಾಗಿ ಬಹಳ ಪ್ರಾಮುಖ್ಯತೆಯನ್ನು
ಪಡೆದುಕೊಂಡಿದೆ. ಆದ್ದರಿಂದ ಇಂಗ್ಲೀಷ್ ಪದವಿ ಪಡೆದ ಪಾಠ ಕೂಡ ಇಂಗ್ಲಿಷ್ ಕಲಿಯುವುದು ಅವಶ್ಯಕವಾಗಿದೆ. ಇಂಗ್ಲೀಷ್ ಮಾತನಾಡುವುದನ್ನು ಕಲಿತರೆ ಮಕ್ಕಳಿಗೆ ಸ್ಪರ್ಧಾತ್ಮಕ ಪರೀಕ್ಷೆಗಳಲ್ಲಿ ಬಹಳಷ್ಟು ಅವಕಾಶಗಳು ಲಭ್ಯವಿದ್ದು, ಶಿಕ್ಷಕರು ಮಕ್ಕಳ ಬಳಕೆಗೆ ಯೋಗ್ಯವಾದ ಪುಸ್ತಕಗಳನ್ನು ಸೂಚಿಸಬೇಕು. ಮಕ್ಕಳಿಗೆ ಸ್ಪೋಕನ್ ಇಂಗ್ಲೀಷ್ ಬಗ್ಗೆ ತರಬೇತಿ ನೀಡಲು
ಸರ್ಕಾರಿ ಪದವಿ ಪೂರ್ವ ಕಾಲೇಜುಗಳಲ್ಲಿ ಇಂಗ್ಲೀಷ್ ಉಪನ್ಯಾಸಕರ ಸೇವೆಯನ್ನು ಪಡೆಯಲು ಕಾರ್ಯಕ್ರಮ ರೂಪಿಸಲಾಗುವುದು. ಸರ್ಕಾರಿ ಪದವಿ ಕಾಲೇಜಿನ ಇಂಗ್ಲೀಷ್ ಉಪನ್ಯಾಸಕರು, ವಸತಿ ಶಾಲೆಗಳಲ್ಲಿ ಸೇವೆ ಸಲ್ಲಿಸುತ್ತಿರುವ ಇಂಗ್ಲೀಷ್ ಶಿಕ್ಷಕರ ಸೇವೆಯನ್ನು ಪಡೆಯಲು ಕ್ರಮ ವಹಿಸಲಾಗುವುದು. ಮಕ್ಕಳಿಗೆ ವ್ಯಕ್ತಿತ್ವ ವಿಕಸನದ ತರಗತಿಗಳನ್ನು : ತಾಲ್ಲೂಕು
ಮಟ್ಟದ ಅಧಿಕಾರಿಗಳ ಗ್ರಾಮೀಣಾಭಿವೃದ್ಧಿ ವಿವಿಧ ಇಲಾಖೆಗಳ ಸ್ವರೂಪ, ಮೂಲ ಜವಾಬ್ದಾರಿ, ಉದ್ದೇಶ, ಅಧಿಕಾರಿಗಳ ಸ್ಥಾನ, ಅವರ ಪ್ರವಾಸ ಮೂಲಕ ವಿಶೇಷ ಸಾಧನೆಗಳ ಬಗ್ಗೆ ಮಕ್ಕಳಿಗೆ ತರಗತಿ ನಡೆಸಬೇಕು ಎಂದು ಸೂಚಿಸಿದರು. ತಾಲ್ಲೂಕು ಪಂಚಾಯಿತಿ ಕಾರ್ಯನಿರ್ವಾಹಕ ಅಧಿಕಾರಿಗಳು ಈ ಬಗ್ಗೆ ಮೇಲ್ವಿಚಾರಣೆ ಮಾಡಬೇಕು. ವಿದ್ಯಾರ್ಥಿ ನಿಲಯಗಳಲ್ಲಿ ಮಕ್ಕಳಿಗೆ ಒಳ್ಳೆಯ ಪುಸ್ತಕ ಓದುವ ಗೀಳು ಬೆಳೆಸಬೇಕು ಎಂದರು. ನಿಲಯ ಮೇಲ್ವಿಚಾರಕರು ಹಾಸ್ಟೆಲ್ ನಿರ್ವಹಣೆ ಬಗ್ಗೆ ಹೆಚ್ಚಿನ ಗಮನ ನೀಡಬೇಕು. ಮಕ್ಕಳಿಗೆ ಸುರಕ್ಷಿತ ಗುಣಮಟ್ಟದ ಆಹಾರ ಒದಗಿಸಬೇಕು. ಯಾವುದೇ ದೂರುಗಳು ಬಾರದಂತೆ ಕ್ರಮ ವಹಿಸಬೇಕು. ಹಾಸ್ಟೆಲ್ ಸ್ವಚ್ಛತೆ ಕಾಪಾಡಲು ಸೂಚಿಸಿದರು. (4ನೇ ಪುಟಕ್ಕೆ)
